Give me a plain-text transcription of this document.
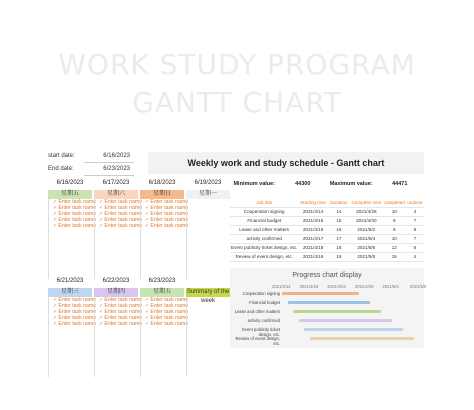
WORK STUDY PROGRAM
GANTT CHART
start date:	6/16/2023
End date:	6/23/2023
Weekly work and study schedule - Gantt chart
6/16/2023
星期五
✓Enter task name
✓Enter task name
✓Enter task name
✓Enter task name
✓Enter task name
6/17/2023
星期六
✓Enter task name
✓Enter task name
✓Enter task name
✓Enter task name
✓Enter task name
6/18/2023
星期日
✓Enter task name
✓Enter task name
✓Enter task name
✓Enter task name
✓Enter task name
6/19/2023
星期一
6/21/2023
星期三
✓Enter task name
✓Enter task name
✓Enter task name
✓Enter task name
✓Enter task name
6/22/2023
星期四
✓Enter task name
✓Enter task name
✓Enter task name
✓Enter task name
✓Enter task name
6/23/2023
星期五
✓Enter task name
✓Enter task name
✓Enter task name
✓Enter task name
✓Enter task name
Summary of the week
Minimum value:	44300	Maximum value:	44471
Job title	Starting time	Duration	Complete time	completed	undone
Cooperation signing	2021/4/14	14	2021/4/28	10	4
Financial budget	2021/4/15	15	2021/4/30	8	7
Lease and other matters	2021/4/16	16	2021/5/2	8	8
activity confirmed	2021/4/17	17	2021/5/4	10	7
Event publicity ticket design, etc.	2021/4/18	18	2021/5/6	12	6
Review of event design, etc.	2021/4/19	19	2021/5/8	15	4
Progress chart display
2021/4/14 2021/4/19 2021/4/24 2021/4/29 2021/5/4	2021/5/9
Cooperation signing
Financial budget
Lease and other matters
activity confirmed
Event publicity ticket design, etc.
Review of event design, etc.
